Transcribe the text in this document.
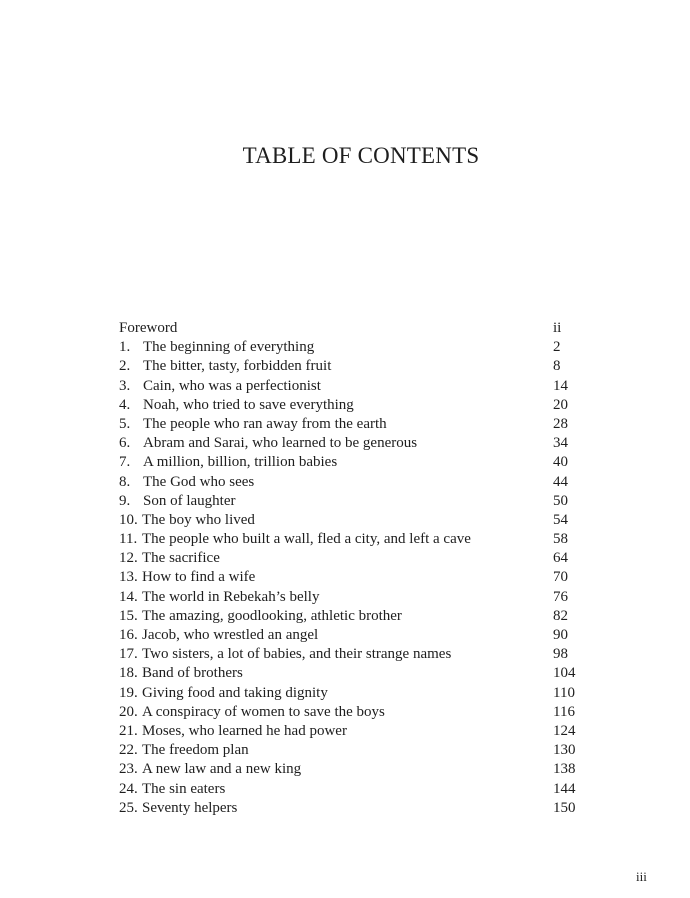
TABLE OF CONTENTS
Foreword	ii
1. The beginning of everything	2
2. The bitter, tasty, forbidden fruit	8
3. Cain, who was a perfectionist	14
4. Noah, who tried to save everything	20
5. The people who ran away from the earth	28
6. Abram and Sarai, who learned to be generous	34
7. A million, billion, trillion babies	40
8. The God who sees	44
9. Son of laughter	50
10. The boy who lived	54
11. The people who built a wall, fled a city, and left a cave	58
12. The sacrifice	64
13. How to find a wife	70
14. The world in Rebekah’s belly	76
15. The amazing, goodlooking, athletic brother	82
16. Jacob, who wrestled an angel	90
17. Two sisters, a lot of babies, and their strange names	98
18. Band of brothers	104
19. Giving food and taking dignity	110
20. A conspiracy of women to save the boys	116
21. Moses, who learned he had power	124
22. The freedom plan	130
23. A new law and a new king	138
24. The sin eaters	144
25. Seventy helpers	150
iii
